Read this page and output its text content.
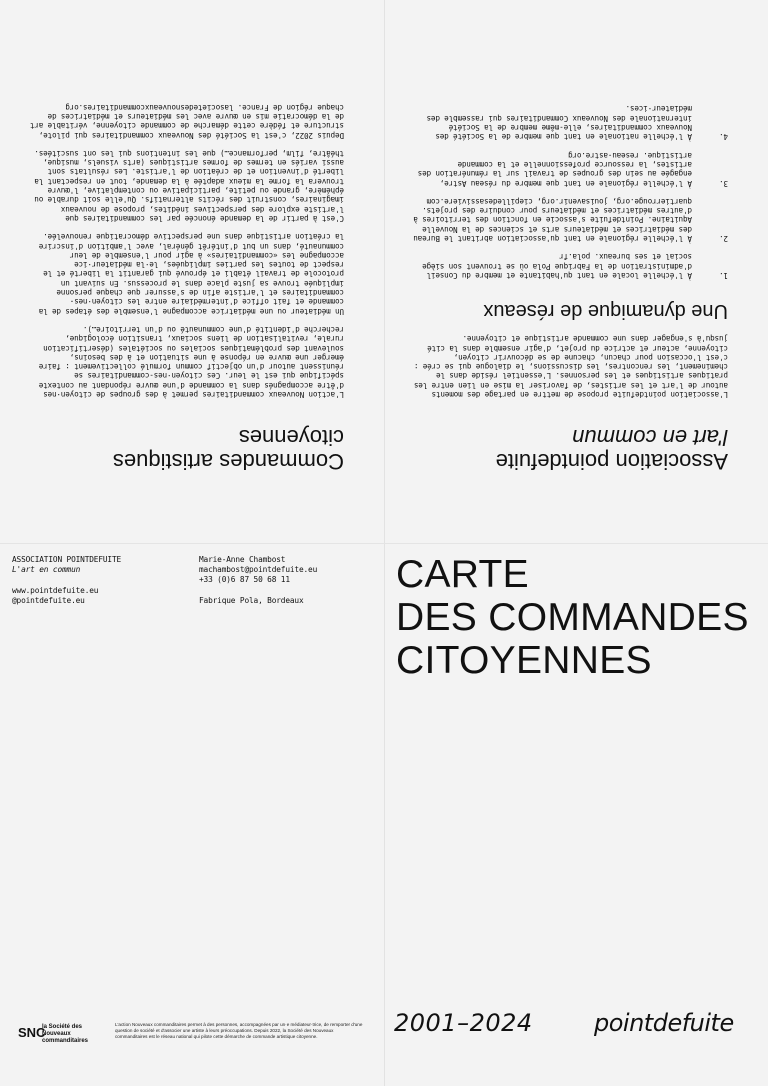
Commandes artistiques
citoyennes

L'action Nouveaux commanditaires permet à des groupes de citoyen·nes d'être accompagnés dans la commande d'une œuvre répondant au contexte spécifique qui est le leur. Ces citoyen·nes-commanditaires se réunissent autour d'un objectif commun formulé collectivement : faire émerger une œuvre en réponse à une situation et à des besoins, soulevant des problématiques sociales ou sociétales (désertification rurale, revitalisation de liens sociaux, transition écologique, recherche d'identité d'une communauté ou d'un territoire…).

Un médiateur ou une médiatrice accompagne l'ensemble des étapes de la commande et fait office d'intermédiaire entre les citoyen·nes-commanditaires et l'artiste afin de s'assurer que chaque personne impliquée trouve sa juste place dans le processus. En suivant un protocole de travail établi et éprouvé qui garantit la liberté et le respect de toutes les parties impliquées, le·la médiateur·ice accompagne les «commanditaires» à agir pour l'ensemble de leur communauté, dans un but d'intérêt général, avec l'ambition d'inscrire la création artistique dans une perspective démocratique renouvelée.

C'est à partir de la demande énoncée par les commanditaires que l'artiste explore des perspectives inédites, propose de nouveaux imaginaires, construit des récits alternatifs. Qu'elle soit durable ou éphémère, grande ou petite, participative ou contemplative, l'œuvre trouvera la forme la mieux adaptée à la demande, tout en respectant la liberté d'invention et de création de l'artiste. Les résultats sont aussi variés en termes de formes artistiques (arts visuels, musique, théâtre, film, performance…) que les intentions qui les ont suscitées.

Depuis 2022, c'est la Société des Nouveaux commanditaires qui pilote, structure et fédère cette démarche de commande citoyenne, véritable art de la démocratie mis en œuvre avec les médiateurs et médiatrices de chaque région de France. lasocietedesnouveauxcommanditaires.org

Association pointdefuite
l'art en commun

L'association pointdefuite propose de mettre en partage des moments autour de l'art et les artistes, de favoriser la mise en lien entre les pratiques artistiques et les personnes. L'essentiel réside dans le cheminement, les rencontres, les discussions, le dialogue qui se crée : c'est l'occasion pour chacun, chacune de se découvrir citoyen, citoyenne, acteur et actrice du projet, d'agir ensemble dans la cité jusqu'à s'engager dans une commande artistique et citoyenne.

Une dynamique de réseaux
1.
À l'échelle locale en tant qu'habitante et membre du Conseil d'administration de la Fabrique Pola où se trouvent son siège social et ses bureaux. pola.fr
2.
À l'échelle régionale en tant qu'association abritant le Bureau des médiatrices et médiateurs arts et sciences de la Nouvelle Aquitaine. Pointdefuite s'associe en fonction des territoires à d'autres médiatrices et médiateurs pour conduire des projets. quartierrouge.org, jouisavenir.org, ciepilledesassiviere.com
3.
À l'échelle régionale en tant que membre du réseau Astre, engagée au sein des groupes de travail sur la rémunération des artistes, la ressource professionnelle et la commande artistique. reseau-astre.org
4.
À l'échelle nationale en tant que membre de la Société des Nouveaux commanditaires, elle-même membre de la Société internationale des Nouveaux Commanditaires qui rassemble des médiateur·ices.
ASSOCIATION POINTDEFUITE
L'art en commun
www.pointdefuite.eu
@pointdefuite.eu
Marie-Anne Chambost
machambost@pointdefuite.eu
+33 (0)6 87 50 68 11
Fabrique Pola, Bordeaux
SNC
la Société des Nouveaux commanditaires
L'action Nouveaux commanditaires permet à des personnes, accompagnées par un·e médiateur·trice, de remporter d'une question de société et d'associer une artiste à leurs préoccupations. Depuis 2022, la Société des Nouveaux commanditaires est le réseau national qui pilote cette démarche de commande artistique citoyenne.
CARTE
DES COMMANDES
CITOYENNES
2001–2024	pointdefuite
